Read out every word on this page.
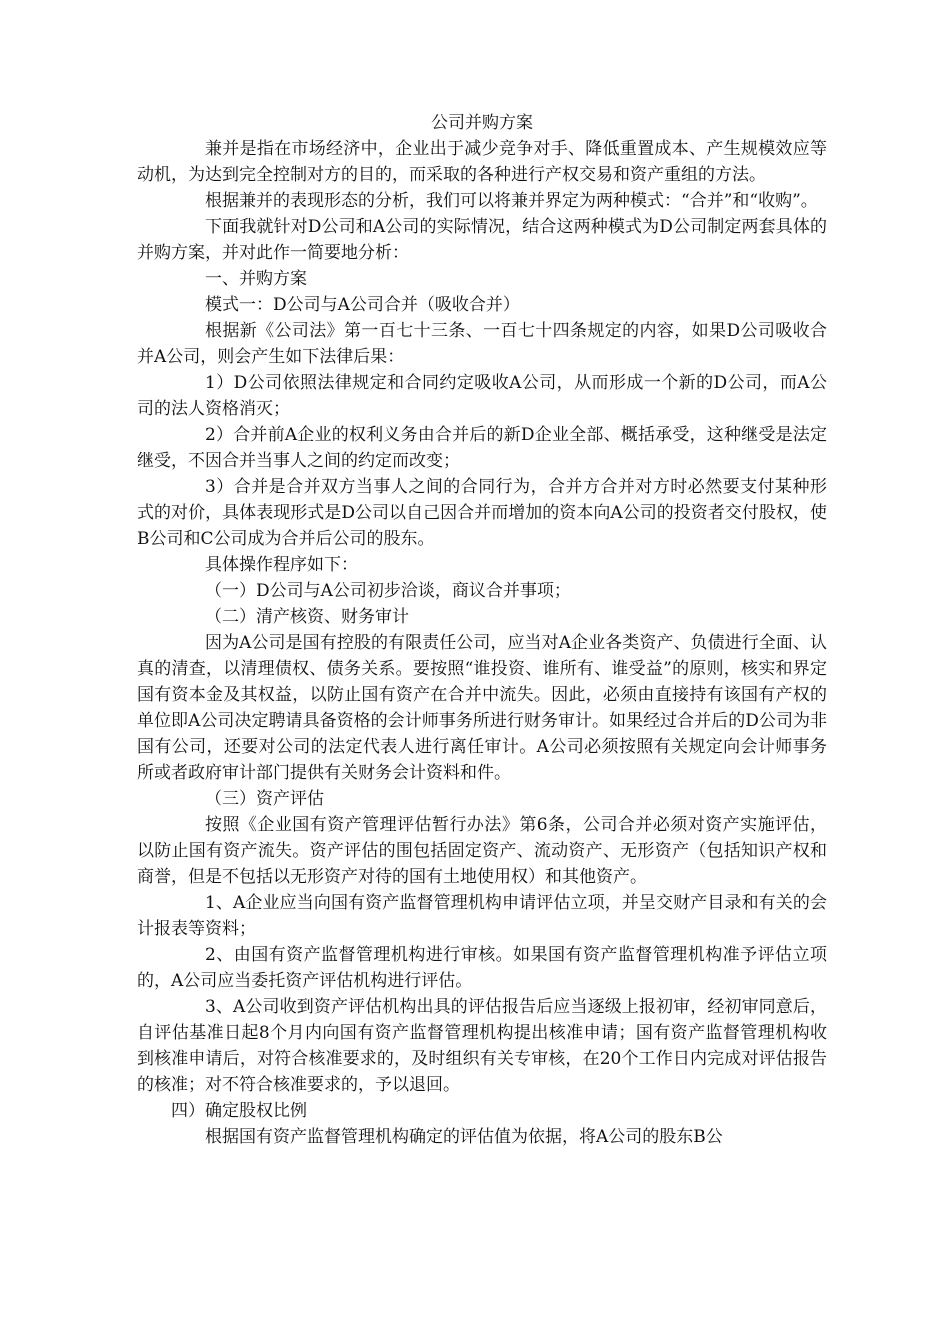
公司并购方案

兼并是指在市场经济中，企业出于减少竞争对手、降低重置成本、产生规模效应等动机，为达到完全控制对方的目的，而采取的各种进行产权交易和资产重组的方法。

根据兼并的表现形态的分析，我们可以将兼并界定为两种模式：“合并”和“收购”。

下面我就针对D公司和A公司的实际情况，结合这两种模式为D公司制定两套具体的并购方案，并对此作一简要地分析：

一、并购方案

模式一：D公司与A公司合并（吸收合并）

根据新《公司法》第一百七十三条、一百七十四条规定的内容，如果D公司吸收合并A公司，则会产生如下法律后果：

1）D公司依照法律规定和合同约定吸收A公司，从而形成一个新的D公司，而A公司的法人资格消灭；

2）合并前A企业的权利义务由合并后的新D企业全部、概括承受，这种继受是法定继受，不因合并当事人之间的约定而改变；

3）合并是合并双方当事人之间的合同行为，合并方合并对方时必然要支付某种形式的对价，具体表现形式是D公司以自己因合并而增加的资本向A公司的投资者交付股权，使B公司和C公司成为合并后公司的股东。

具体操作程序如下：

（一）D公司与A公司初步洽谈，商议合并事项；

（二）清产核资、财务审计

因为A公司是国有控股的有限责任公司，应当对A企业各类资产、负债进行全面、认真的清查，以清理债权、债务关系。要按照“谁投资、谁所有、谁受益”的原则，核实和界定国有资本金及其权益，以防止国有资产在合并中流失。因此，必须由直接持有该国有产权的单位即A公司决定聘请具备资格的会计师事务所进行财务审计。如果经过合并后的D公司为非国有公司，还要对公司的法定代表人进行离任审计。A公司必须按照有关规定向会计师事务所或者政府审计部门提供有关财务会计资料和件。

（三）资产评估

按照《企业国有资产管理评估暂行办法》第6条，公司合并必须对资产实施评估，以防止国有资产流失。资产评估的围包括固定资产、流动资产、无形资产（包括知识产权和商誉，但是不包括以无形资产对待的国有土地使用权）和其他资产。

1、A企业应当向国有资产监督管理机构申请评估立项，并呈交财产目录和有关的会计报表等资料；

2、由国有资产监督管理机构进行审核。如果国有资产监督管理机构准予评估立项的，A公司应当委托资产评估机构进行评估。

3、A公司收到资产评估机构出具的评估报告后应当逐级上报初审，经初审同意后，自评估基准日起8个月内向国有资产监督管理机构提出核准申请；国有资产监督管理机构收到核准申请后，对符合核准要求的，及时组织有关专审核，在20个工作日内完成对评估报告的核准；对不符合核准要求的，予以退回。

四）确定股权比例

根据国有资产监督管理机构确定的评估值为依据，将A公司的股东B公
